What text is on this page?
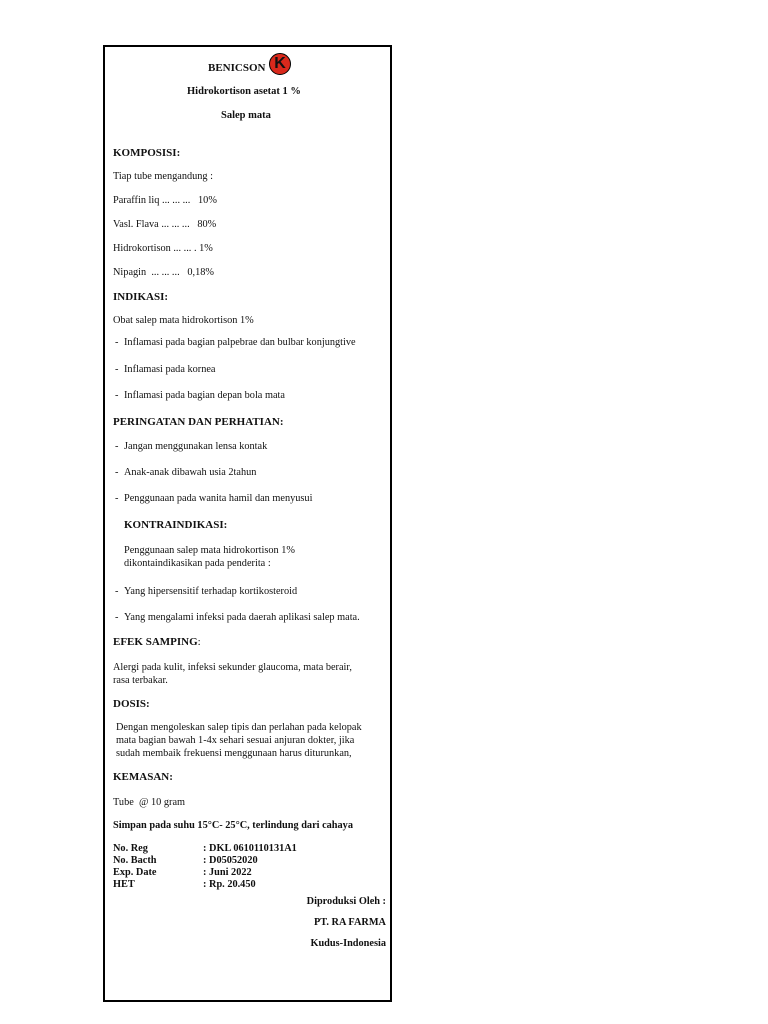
BENICSON K
Hidrokortison asetat 1 %
Salep mata
KOMPOSISI:
Tiap tube mengandung :
Paraffin liq ... ... ...   10%
Vasl. Flava ... ... ...   80%
Hidrokortison ... ... . 1%
Nipagin  ... ... ...   0,18%
INDIKASI:
Obat salep mata hidrokortison 1%
- Inflamasi pada bagian palpebrae dan bulbar konjungtive
- Inflamasi pada kornea
- Inflamasi pada bagian depan bola mata
PERINGATAN DAN PERHATIAN:
- Jangan menggunakan lensa kontak
- Anak-anak dibawah usia 2tahun
- Penggunaan pada wanita hamil dan menyusui
KONTRAINDIKASI:
Penggunaan salep mata hidrokortison 1%
dikontaindikasikan pada penderita :
- Yang hipersensitif terhadap kortikosteroid
- Yang mengalami infeksi pada daerah aplikasi salep mata.
EFEK SAMPING:
Alergi pada kulit, infeksi sekunder glaucoma, mata berair,
rasa terbakar.
DOSIS:
Dengan mengoleskan salep tipis dan perlahan pada kelopak
mata bagian bawah 1-4x sehari sesuai anjuran dokter, jika
sudah membaik frekuensi menggunaan harus diturunkan,
KEMASAN:
Tube  @ 10 gram
Simpan pada suhu 15°C- 25°C, terlindung dari cahaya
No. Reg	: DKL 0610110131A1
No. Bacth	: D05052020
Exp. Date	: Juni 2022
HET	: Rp. 20.450
Diproduksi Oleh :
PT. RA FARMA
Kudus-Indonesia
